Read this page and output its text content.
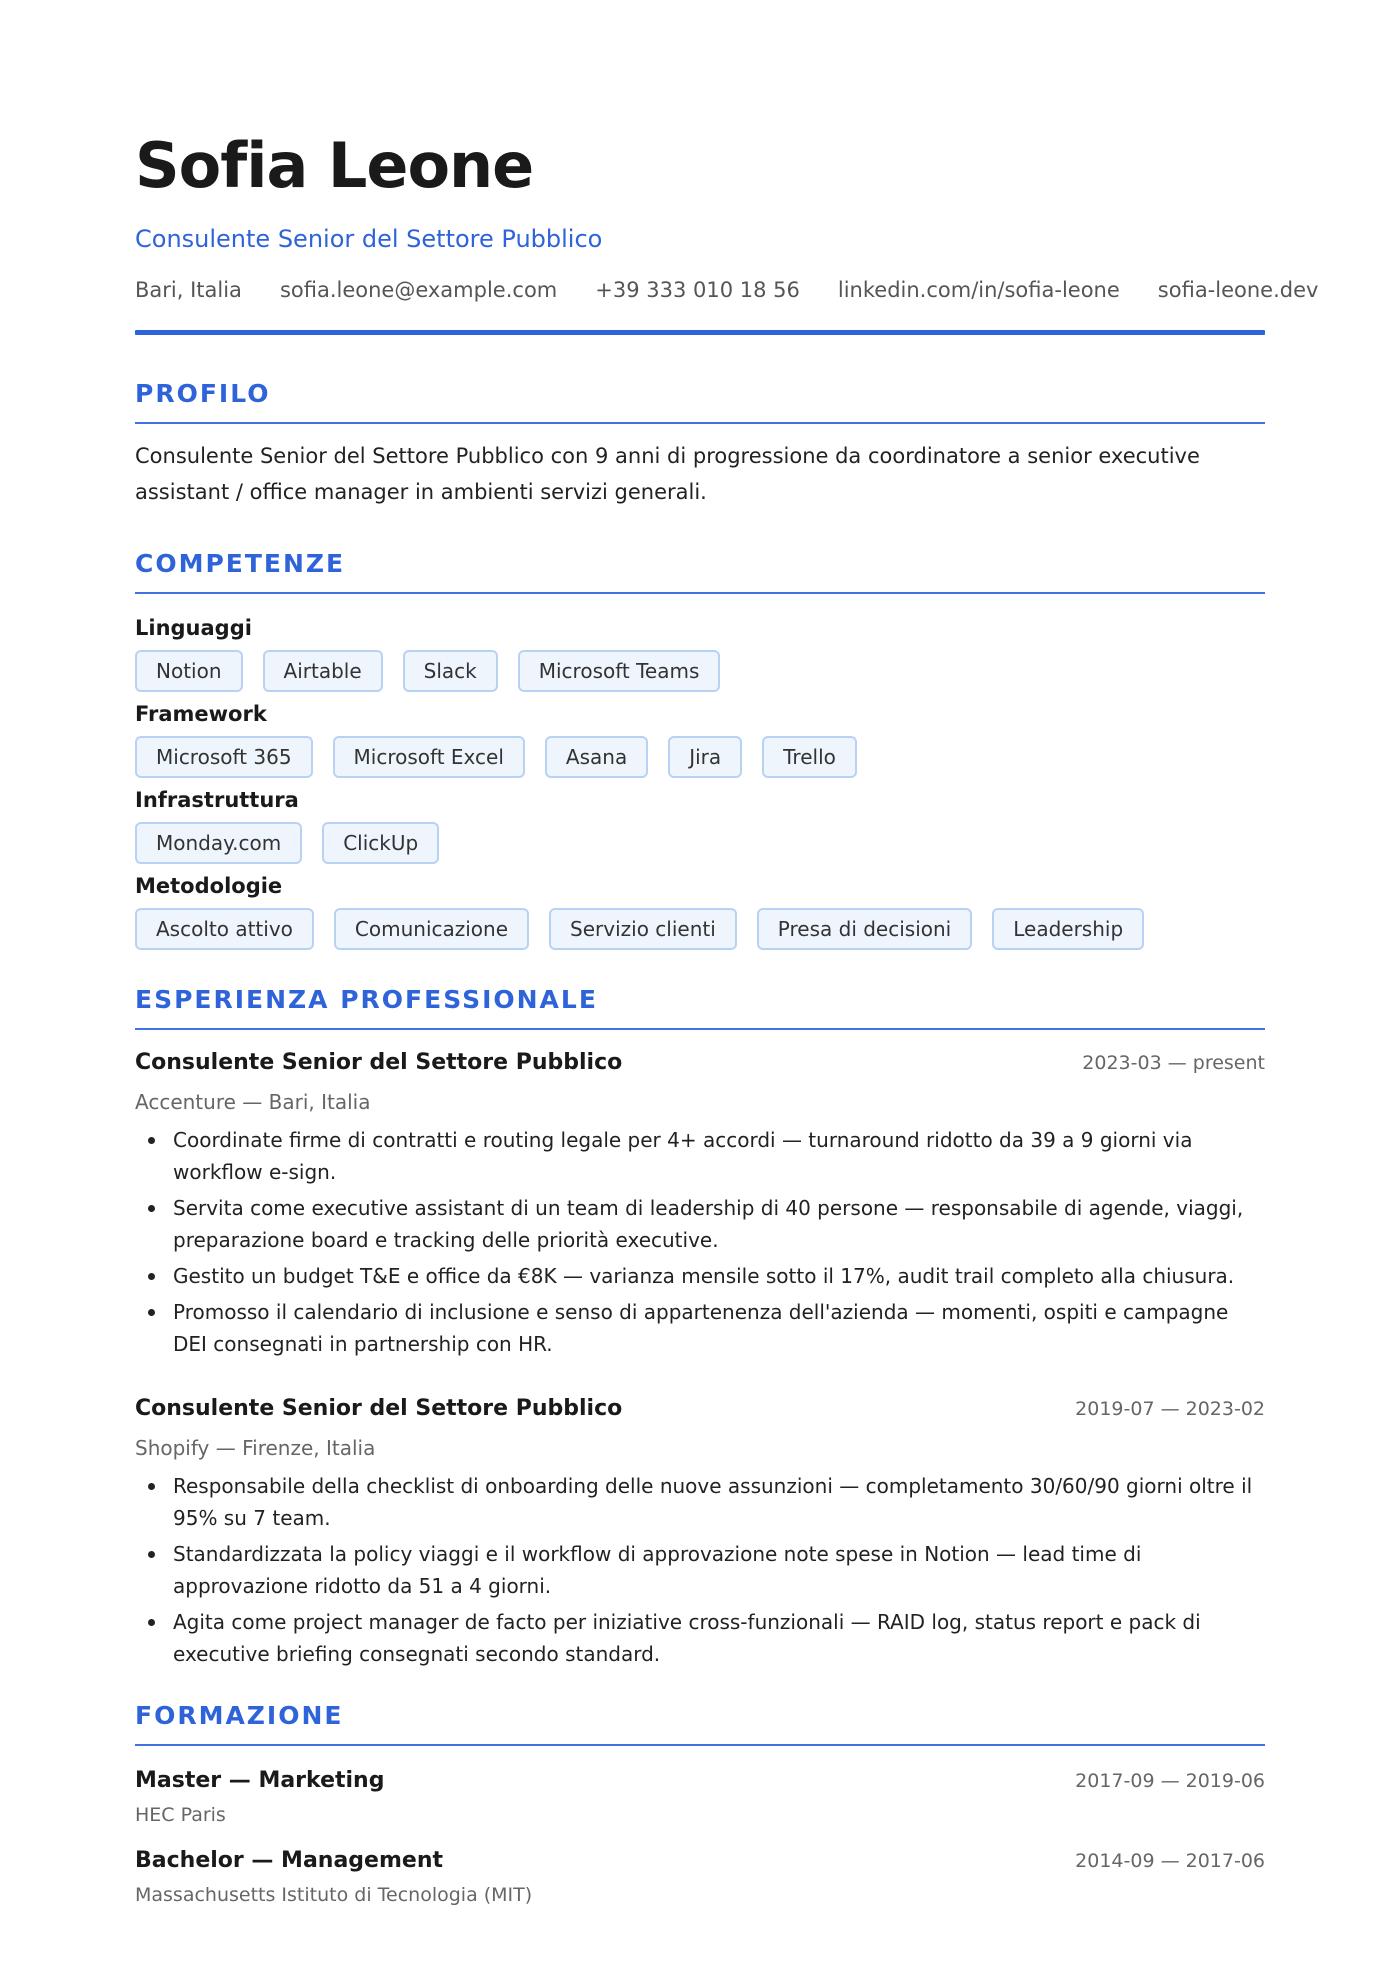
Sofia Leone
Consulente Senior del Settore Pubblico
Bari, Italia sofia.leone@example.com +39 333 010 18 56 linkedin.com/in/sofia-leone sofia-leone.dev
PROFILO

Consulente Senior del Settore Pubblico con 9 anni di progressione da coordinatore a senior executive assistant / office manager in ambienti servizi generali.

COMPETENZE
Linguaggi
Notion	Airtable	Slack	Microsoft Teams
Framework
Microsoft 365	Microsoft Excel	Asana	Jira	Trello
Infrastruttura
Monday.com	ClickUp
Metodologie
Ascolto attivo	Comunicazione	Servizio clienti	Presa di decisioni	Leadership
ESPERIENZA PROFESSIONALE
Consulente Senior del Settore Pubblico	2023-03 — present
Accenture — Bari, Italia
Coordinate firme di contratti e routing legale per 4+ accordi — turnaround ridotto da 39 a 9 giorni via workflow e-sign.
Servita come executive assistant di un team di leadership di 40 persone — responsabile di agende, viaggi, preparazione board e tracking delle priorità executive.
Gestito un budget T&E e office da €8K — varianza mensile sotto il 17%, audit trail completo alla chiusura.
Promosso il calendario di inclusione e senso di appartenenza dell'azienda — momenti, ospiti e campagne DEI consegnati in partnership con HR.
Consulente Senior del Settore Pubblico	2019-07 — 2023-02
Shopify — Firenze, Italia
Responsabile della checklist di onboarding delle nuove assunzioni — completamento 30/60/90 giorni oltre il 95% su 7 team.
Standardizzata la policy viaggi e il workflow di approvazione note spese in Notion — lead time di approvazione ridotto da 51 a 4 giorni.
Agita come project manager de facto per iniziative cross-funzionali — RAID log, status report e pack di executive briefing consegnati secondo standard.
FORMAZIONE
Master — Marketing	2017-09 — 2019-06
HEC Paris
Bachelor — Management	2014-09 — 2017-06
Massachusetts Istituto di Tecnologia (MIT)
